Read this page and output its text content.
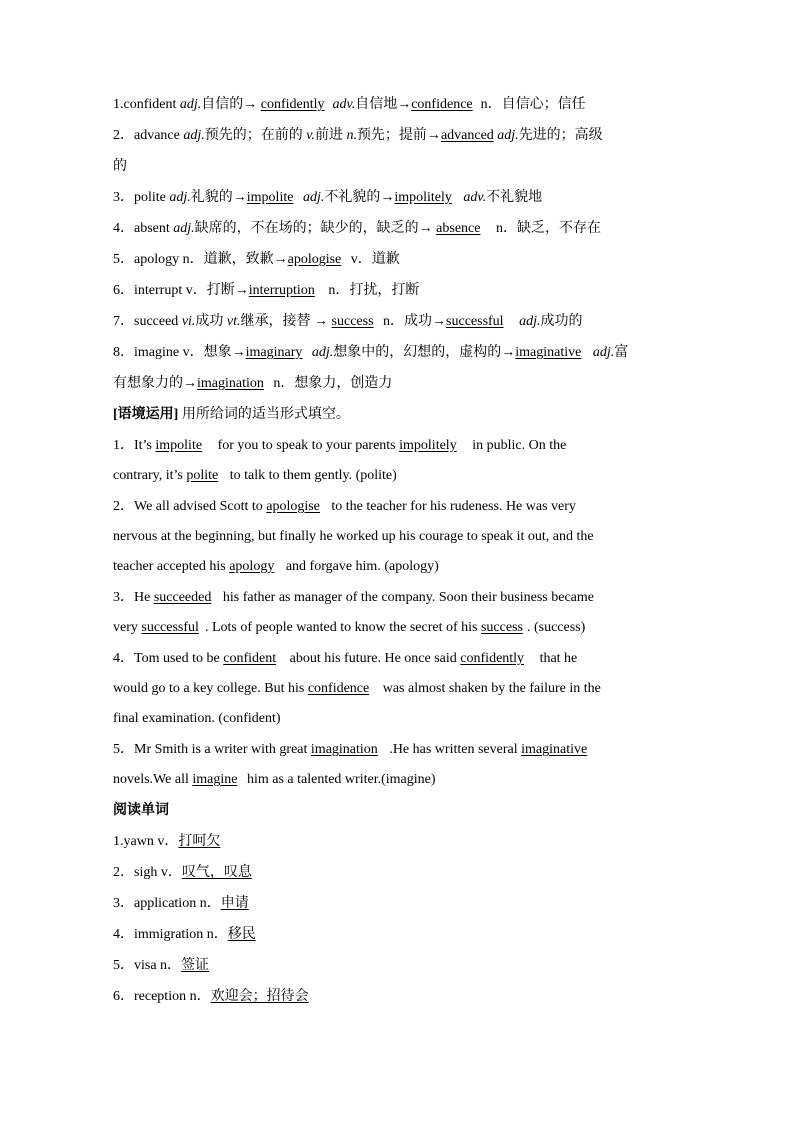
1.confident adj.自信的→ confidently adv.自信地→confidence n．自信心；信任
2．advance adj.预先的；在前的 v.前进 n.预先；提前→advanced adj.先进的；高级
的
3．polite adj.礼貌的→impolite adj.不礼貌的→impolitely adv.不礼貌地
4．absent adj.缺席的，不在场的；缺少的，缺乏的→ absence n．缺乏，不存在
5．apology n．道歉，致歉→apologise v．道歉
6．interrupt v．打断→interruption n．打扰，打断
7．succeed vi.成功 vt.继承，接替 → success n．成功→successful adj.成功的
8．imagine v．想象→imaginary adj.想象中的，幻想的，虚构的→imaginative adj.富
有想象力的→imagination n．想象力，创造力
[语境运用] 用所给词的适当形式填空。
1．It’s impolite for you to speak to your parents impolitely in public. On the
contrary, it’s polite to talk to them gently. (polite)
2．We all advised Scott to apologise to the teacher for his rudeness. He was very
nervous at the beginning, but finally he worked up his courage to speak it out, and the
teacher accepted his apology and forgave him. (apology)
3．He succeeded his father as manager of the company. Soon their business became
very successful . Lots of people wanted to know the secret of his success . (success)
4．Tom used to be confident about his future. He once said confidently that he
would go to a key college. But his confidence was almost shaken by the failure in the
final examination. (confident)
5．Mr Smith is a writer with great imagination .He has written several imaginative
novels.We all imagine him as a talented writer.(imagine)
阅读单词
1.yawn v．打呵欠
2．sigh v．叹气，叹息
3．application n．申请
4．immigration n．移民
5．visa n．签证
6．reception n．欢迎会；招待会
